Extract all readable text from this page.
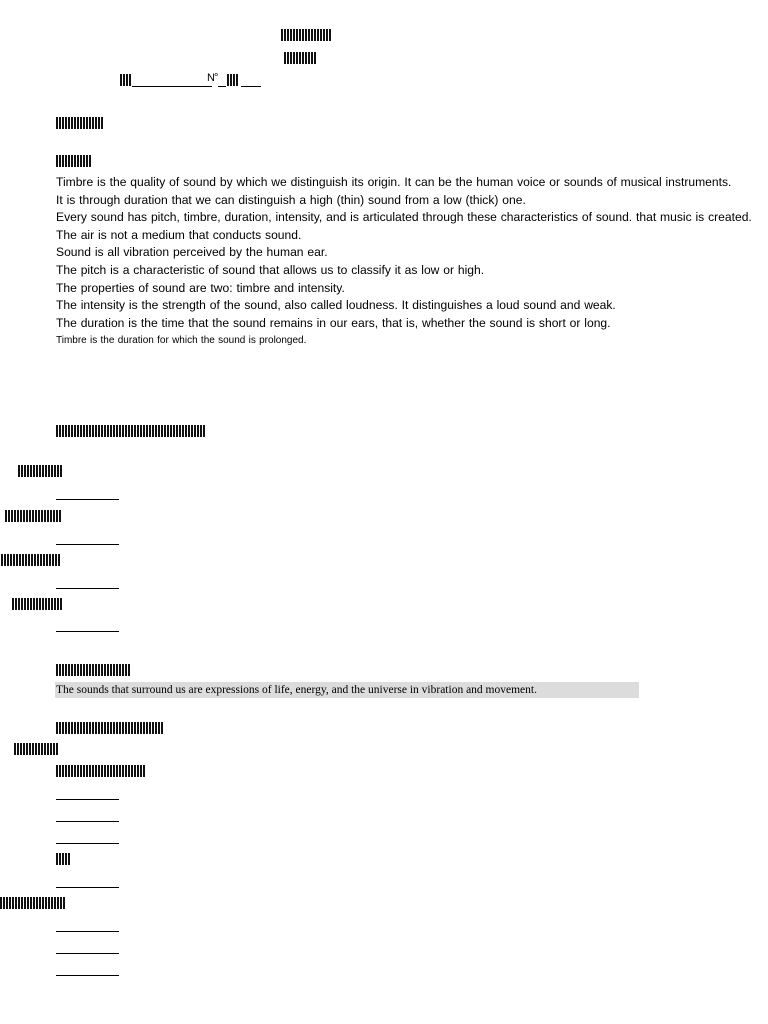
N°
Timbre is the quality of sound by which we distinguish its origin. It can be the human voice or sounds of musical instruments.
It is through duration that we can distinguish a high (thin) sound from a low (thick) one.
Every sound has pitch, timbre, duration, intensity, and is articulated through these characteristics of sound. that music is created.
The air is not a medium that conducts sound.
Sound is all vibration perceived by the human ear.
The pitch is a characteristic of sound that allows us to classify it as low or high.
The properties of sound are two: timbre and intensity.
The intensity is the strength of the sound, also called loudness. It distinguishes a loud sound and weak.
The duration is the time that the sound remains in our ears, that is, whether the sound is short or long.
Timbre is the duration for which the sound is prolonged.
The sounds that surround us are expressions of life, energy, and the universe in vibration and movement.
